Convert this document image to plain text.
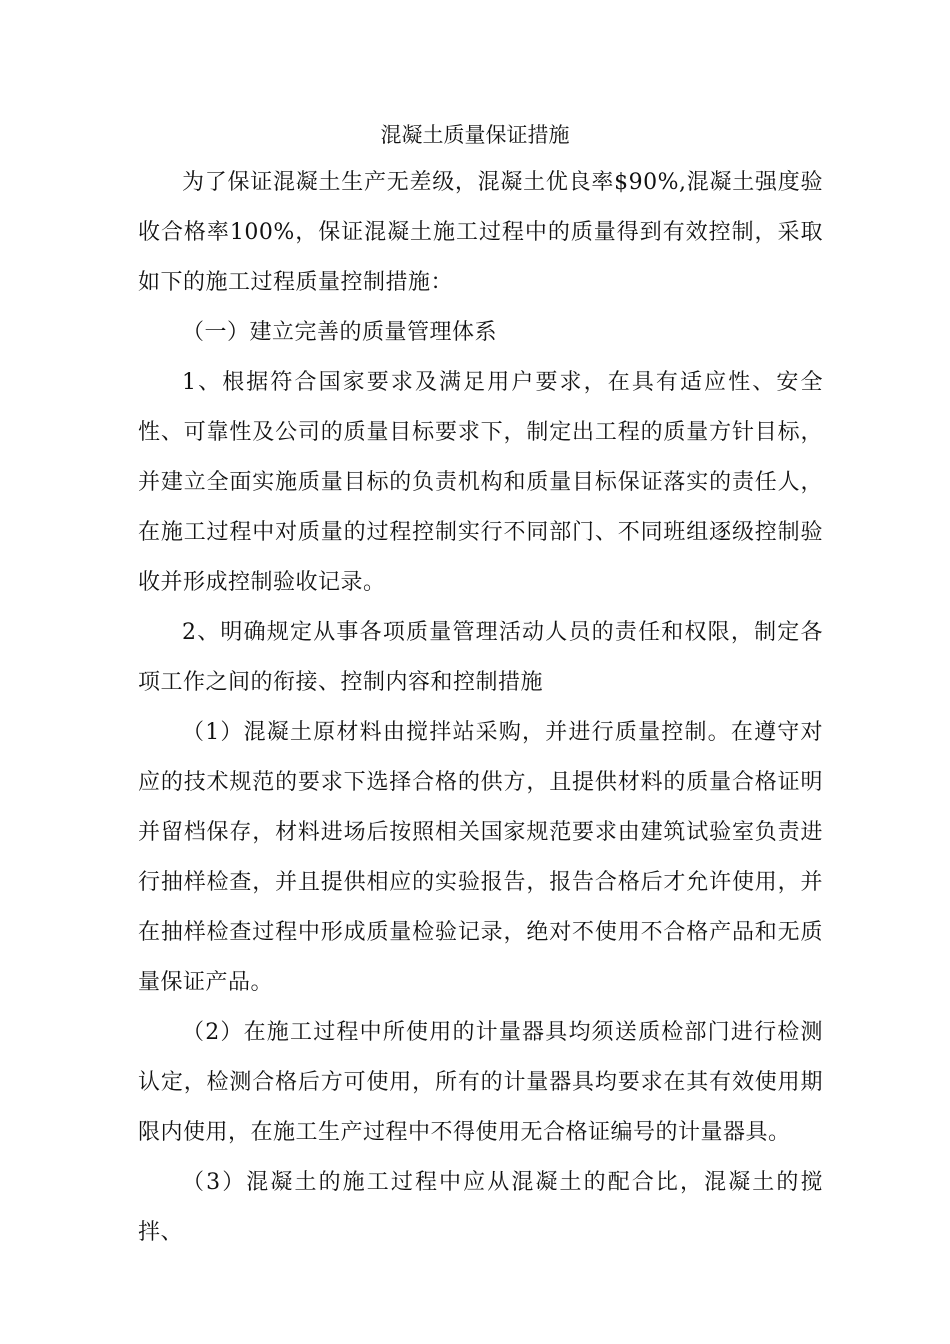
混凝土质量保证措施

为了保证混凝土生产无差级，混凝土优良率$90%,混凝土强度验收合格率100%，保证混凝土施工过程中的质量得到有效控制，采取如下的施工过程质量控制措施：

（一）建立完善的质量管理体系

1、根据符合国家要求及满足用户要求，在具有适应性、安全性、可靠性及公司的质量目标要求下，制定出工程的质量方针目标，并建立全面实施质量目标的负责机构和质量目标保证落实的责任人，在施工过程中对质量的过程控制实行不同部门、不同班组逐级控制验收并形成控制验收记录。

2、明确规定从事各项质量管理活动人员的责任和权限，制定各项工作之间的衔接、控制内容和控制措施

（1）混凝土原材料由搅拌站采购，并进行质量控制。在遵守对应的技术规范的要求下选择合格的供方，且提供材料的质量合格证明并留档保存，材料进场后按照相关国家规范要求由建筑试验室负责进行抽样检查，并且提供相应的实验报告，报告合格后才允许使用，并在抽样检查过程中形成质量检验记录，绝对不使用不合格产品和无质量保证产品。

（2）在施工过程中所使用的计量器具均须送质检部门进行检测认定，检测合格后方可使用，所有的计量器具均要求在其有效使用期限内使用，在施工生产过程中不得使用无合格证编号的计量器具。

（3）混凝土的施工过程中应从混凝土的配合比，混凝土的搅拌、
